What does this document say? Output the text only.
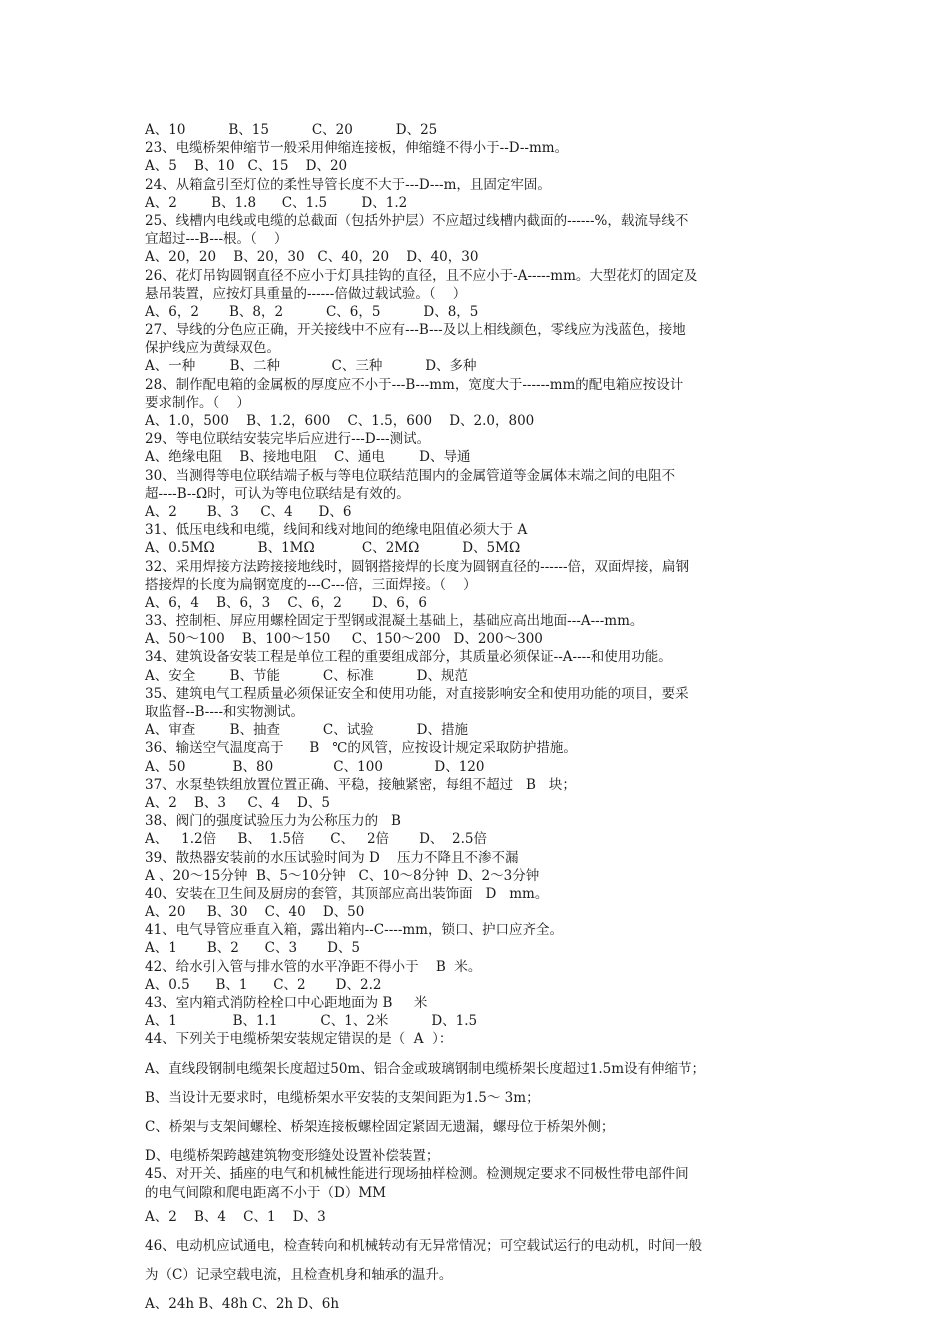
A、10          B、15          C、20          D、25
23、电缆桥架伸缩节一般采用伸缩连接板，伸缩缝不得小于--D--mm。
A、5    B、10   C、15    D、20
24、从箱盒引至灯位的柔性导管长度不大于---D---m，且固定牢固。
A、2        B、1.8      C、1.5        D、1.2
25、线槽内电线或电缆的总截面（包括外护层）不应超过线槽内截面的------%，载流导线不
宜超过---B---根。（    ）
A、20，20    B、20，30   C、40，20    D、40，30
26、花灯吊钩圆钢直径不应小于灯具挂钩的直径，且不应小于-A-----mm。大型花灯的固定及
悬吊装置，应按灯具重量的------倍做过载试验。（    ）
A、6，2       B、8，2          C、6，5          D、8，5
27、导线的分色应正确，开关接线中不应有---B---及以上相线颜色，零线应为浅蓝色，接地
保护线应为黄绿双色。
A、一种        B、二种            C、三种          D、多种
28、制作配电箱的金属板的厚度应不小于---B---mm，宽度大于------mm的配电箱应按设计
要求制作。（    ）
A、1.0，500    B、1.2，600    C、1.5，600    D、2.0，800
29、等电位联结安装完毕后应进行---D---测试。
A、绝缘电阻    B、接地电阻    C、通电        D、导通
30、当测得等电位联结端子板与等电位联结范围内的金属管道等金属体末端之间的电阻不
超----B--Ω时，可认为等电位联结是有效的。
A、2       B、3     C、4      D、6
31、低压电线和电缆，线间和线对地间的绝缘电阻值必须大于 A
A、0.5MΩ          B、1MΩ           C、2MΩ          D、5MΩ
32、采用焊接方法跨接接地线时，圆钢搭接焊的长度为圆钢直径的------倍，双面焊接，扁钢
搭接焊的长度为扁钢宽度的---C---倍，三面焊接。（    ）
A、6，4    B、6，3    C、6，2       D、6，6
33、控制柜、屏应用螺栓固定于型钢或混凝土基础上，基础应高出地面---A---mm。
A、50～100    B、100～150     C、150～200   D、200～300
34、建筑设备安装工程是单位工程的重要组成部分，其质量必须保证--A----和使用功能。
A、安全        B、节能          C、标准          D、规范
35、建筑电气工程质量必须保证安全和使用功能，对直接影响安全和使用功能的项目，要采
取监督--B----和实物测试。
A、审查        B、抽查          C、试验          D、措施
36、输送空气温度高于      B   ℃的风管，应按设计规定采取防护措施。
A、50           B、80              C、100            D、120
37、水泵垫铁组放置位置正确、平稳，接触紧密，每组不超过   B   块；
A、2    B、3     C、4    D、5
38、阀门的强度试验压力为公称压力的   B
A、   1.2倍     B、  1.5倍      C、   2倍       D、  2.5倍
39、散热器安装前的水压试验时间为 D    压力不降且不渗不漏
A 、20～15分钟  B、5～10分钟   C、10～8分钟  D、2～3分钟
40、安装在卫生间及厨房的套管，其顶部应高出装饰面   D   mm。
A、20     B、30    C、40    D、50
41、电气导管应垂直入箱，露出箱内--C----mm，锁口、护口应齐全。
A、1       B、2      C、3       D、5
42、给水引入管与排水管的水平净距不得小于    B  米。
A、0.5      B、1      C、2       D、2.2
43、室内箱式消防栓栓口中心距地面为 B     米
A、1             B、1.1          C、1、2米          D、1.5
44、下列关于电缆桥架安装规定错误的是（  A  ）：
A、直线段钢制电缆架长度超过50m、铝合金或玻璃钢制电缆桥架长度超过1.5m设有伸缩节；
B、当设计无要求时，电缆桥架水平安装的支架间距为1.5～ 3m；
C、桥架与支架间螺栓、桥架连接板螺栓固定紧固无遗漏，螺母位于桥架外侧；
D、电缆桥架跨越建筑物变形缝处设置补偿装置；
45、对开关、插座的电气和机械性能进行现场抽样检测。检测规定要求不同极性带电部件间
的电气间隙和爬电距离不小于（D）MM
A、2    B、4    C、1    D、3
46、电动机应试通电，检查转向和机械转动有无异常情况；可空载试运行的电动机，时间一般
为（C）记录空载电流，且检查机身和轴承的温升。
A、24h B、48h C、2h D、6h
